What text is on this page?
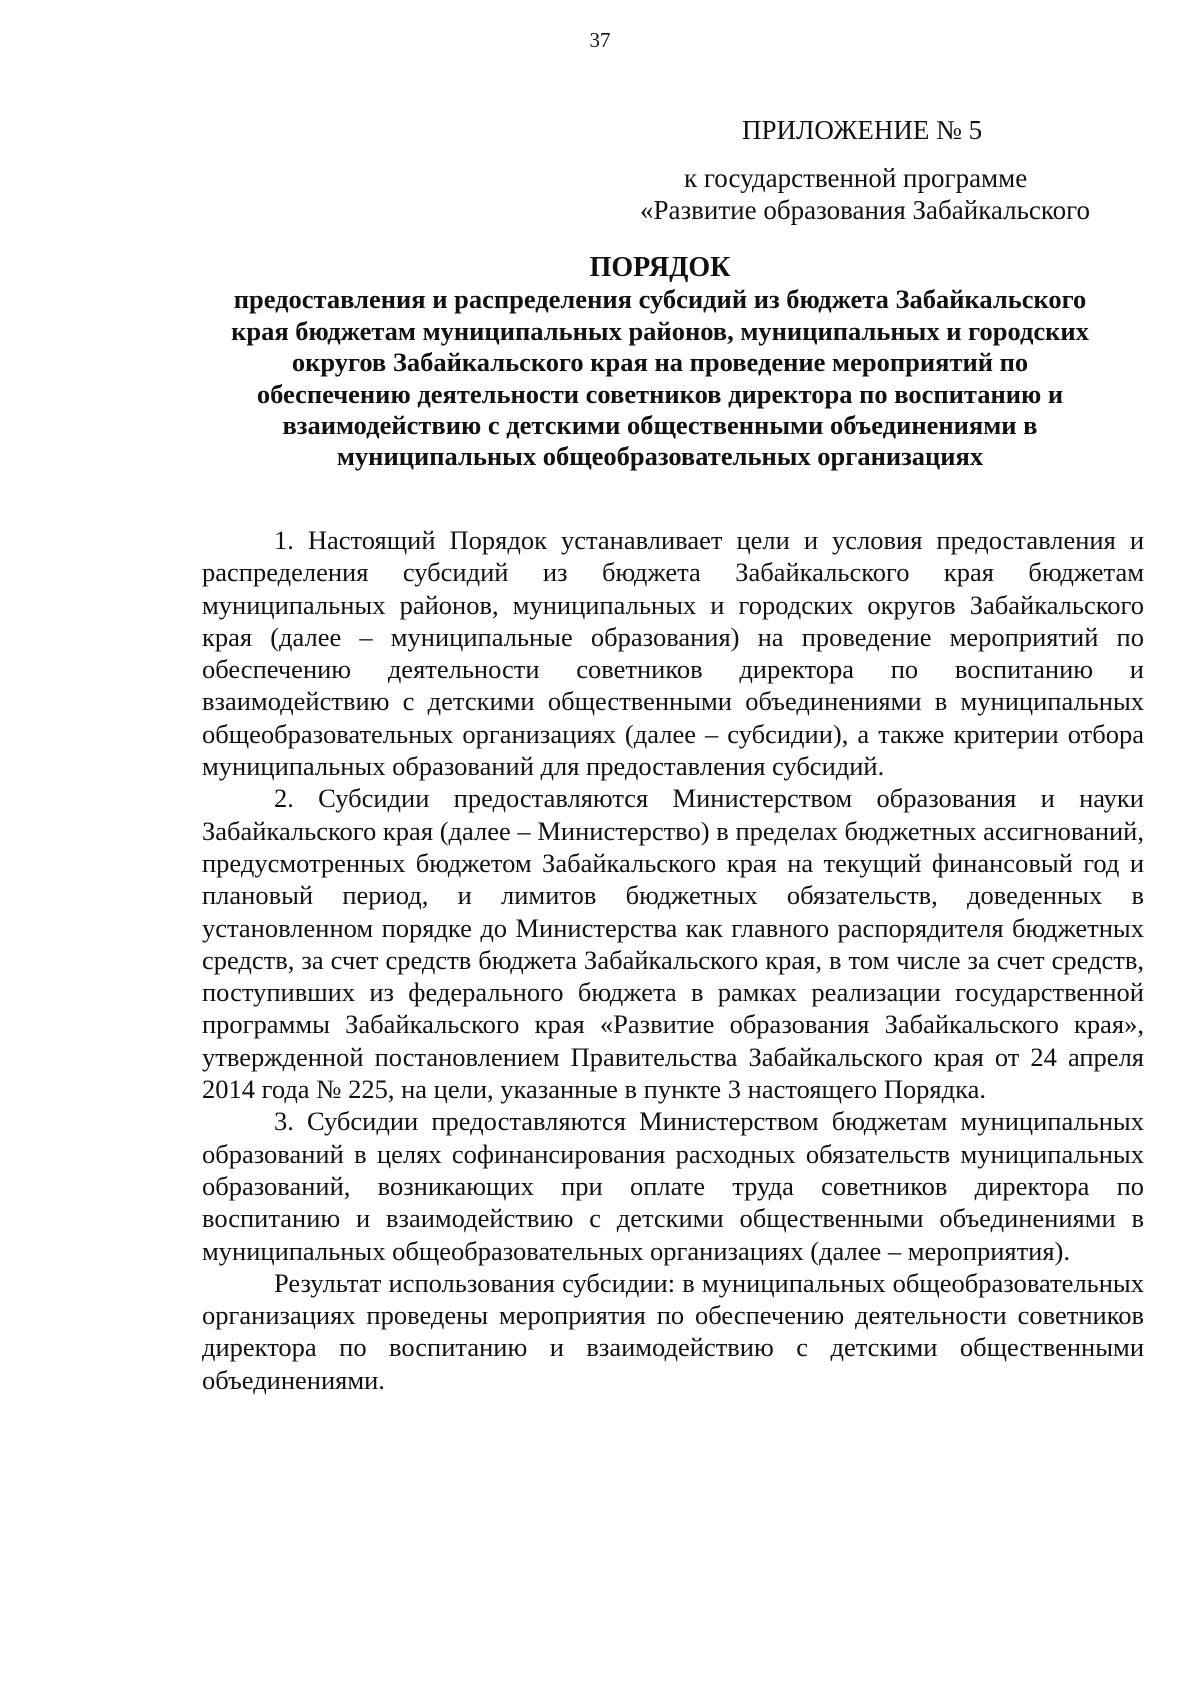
37
ПРИЛОЖЕНИЕ № 5
к государственной программе
«Развитие образования Забайкальского
ПОРЯДОК
предоставления и распределения субсидий из бюджета Забайкальского
края бюджетам муниципальных районов, муниципальных и городских
округов Забайкальского края на проведение мероприятий по
обеспечению деятельности советников директора по воспитанию и
взаимодействию с детскими общественными объединениями в
муниципальных общеобразовательных организациях

1. Настоящий Порядок устанавливает цели и условия предоставления и распределения субсидий из бюджета Забайкальского края бюджетам муниципальных районов, муниципальных и городских округов Забайкальского края (далее – муниципальные образования) на проведение мероприятий по обеспечению деятельности советников директора по воспитанию и взаимодействию с детскими общественными объединениями в муниципальных общеобразовательных организациях (далее – субсидии), а также критерии отбора муниципальных образований для предоставления субсидий.

2. Субсидии предоставляются Министерством образования и науки Забайкальского края (далее – Министерство) в пределах бюджетных ассигнований, предусмотренных бюджетом Забайкальского края на текущий финансовый год и плановый период, и лимитов бюджетных обязательств, доведенных в установленном порядке до Министерства как главного распорядителя бюджетных средств, за счет средств бюджета Забайкальского края, в том числе за счет средств, поступивших из федерального бюджета в рамках реализации государственной программы Забайкальского края «Развитие образования Забайкальского края», утвержденной постановлением Правительства Забайкальского края от 24 апреля 2014 года № 225, на цели, указанные в пункте 3 настоящего Порядка.

3. Субсидии предоставляются Министерством бюджетам муниципальных образований в целях софинансирования расходных обязательств муниципальных образований, возникающих при оплате труда советников директора по воспитанию и взаимодействию с детскими общественными объединениями в муниципальных общеобразовательных организациях (далее – мероприятия).

Результат использования субсидии: в муниципальных общеобразовательных организациях проведены мероприятия по обеспечению деятельности советников директора по воспитанию и взаимодействию с детскими общественными объединениями.
